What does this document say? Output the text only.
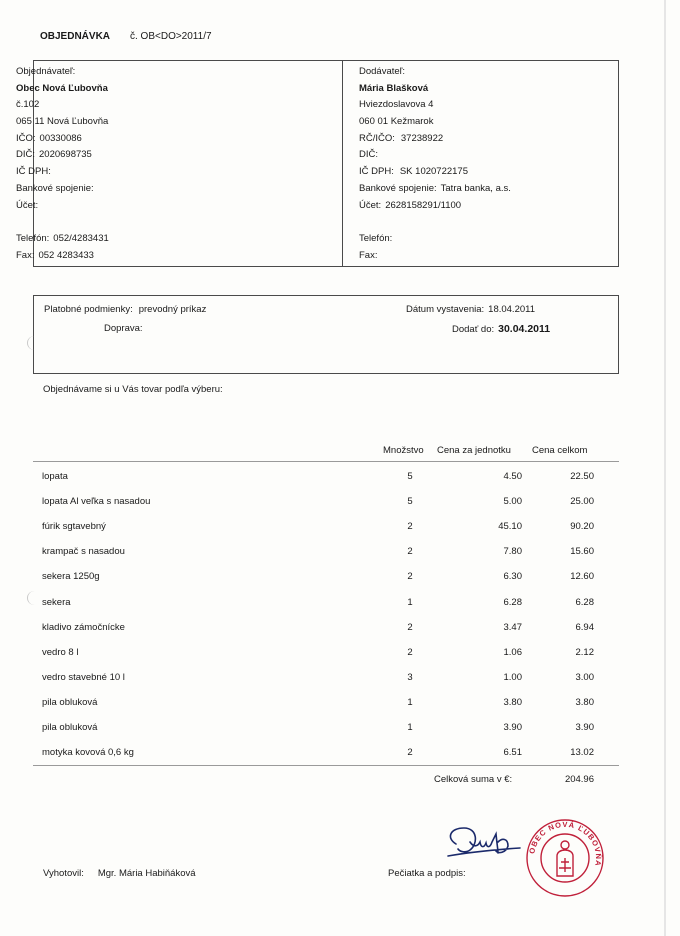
OBJEDNÁVKA č. OB<DO>2011/7
Objednávateľ:
Obec Nová Ľubovňa
č.102
065 11 Nová Ľubovňa
IČO: 00330086
DIČ: 2020698735
IČ DPH:
Bankové spojenie:
Účet:
Telefón: 052/4283431
Fax: 052 4283433
Dodávateľ:
Mária Blašková
Hviezdoslavova 4
060 01 Kežmarok
RČ/IČO: 37238922
DIČ:
IČ DPH: SK 1020722175
Bankové spojenie: Tatra banka, a.s.
Účet: 2628158291/1100
Telefón:
Fax:
Platobné podmienky: prevodný príkaz
Doprava:
Dátum vystavenia: 18.04.2011
Dodať do: 30.04.2011
Objednávame si u Vás tovar podľa výberu:
Množstvo Cena za jednotku Cena celkom
lopata	5	4.50	22.50
lopata Al veľka s nasadou	5	5.00	25.00
fúrik sgtavebný	2	45.10	90.20
krampač s nasadou	2	7.80	15.60
sekera 1250g	2	6.30	12.60
sekera	1	6.28	6.28
kladivo zámočnícke	2	3.47	6.94
vedro 8 l	2	1.06	2.12
vedro stavebné 10 l	3	1.00	3.00
pila obluková	1	3.80	3.80
pila obluková	1	3.90	3.90
motyka kovová 0,6 kg	2	6.51	13.02
Celková suma v €:	204.96
Vyhotovil: Mgr. Mária Habiňáková	Pečiatka a podpis:
OBEC NOVÁ ĽUBOVŇA
